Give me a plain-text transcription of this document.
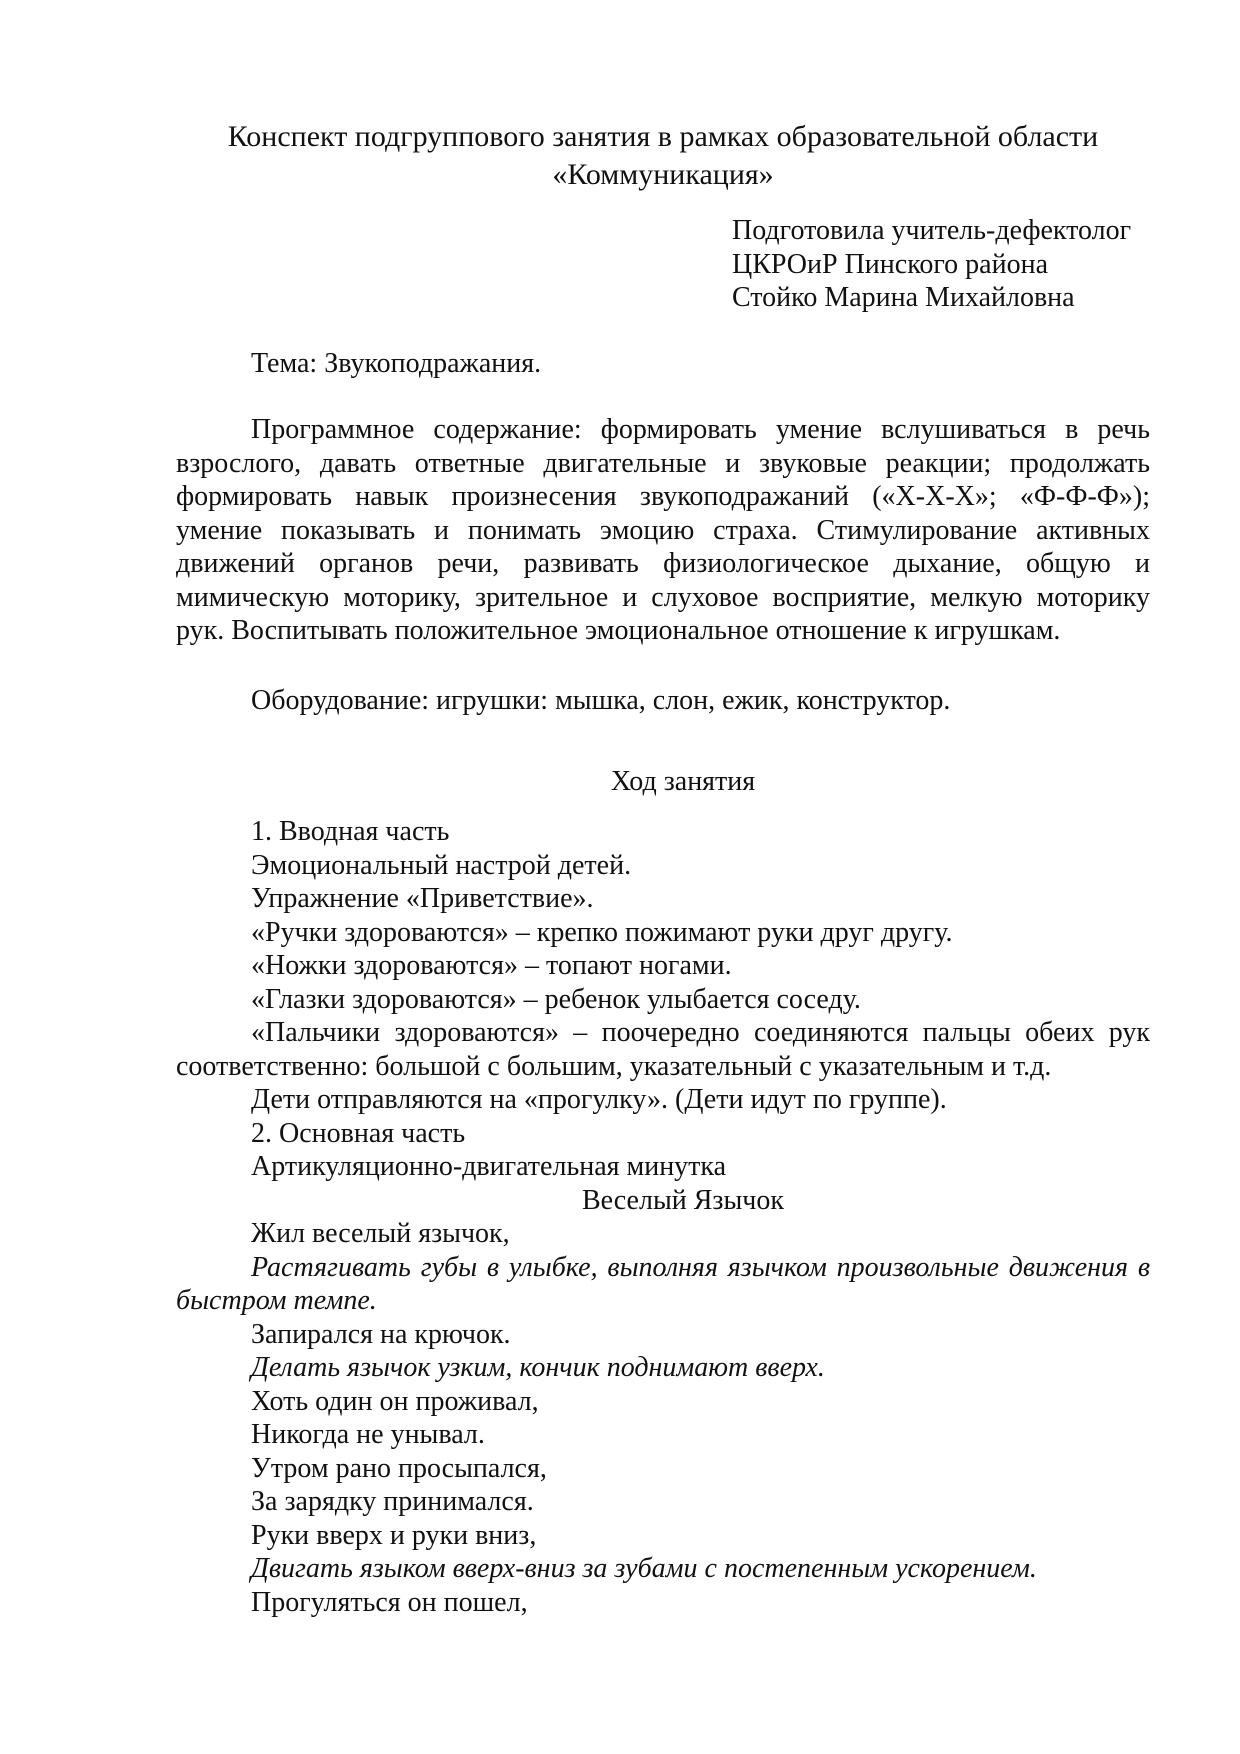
Конспект подгруппового занятия в рамках образовательной области
«Коммуникация»
Подготовила учитель-дефектолог
ЦКРОиР Пинского района
Стойко Марина Михайловна
Тема: Звукоподражания.
Программное содержание: формировать умение вслушиваться в речь взрослого, давать ответные двигательные и звуковые реакции; продолжать формировать навык произнесения звукоподражаний («Х-Х-Х»; «Ф-Ф-Ф»); умение показывать и понимать эмоцию страха. Стимулирование активных движений органов речи, развивать физиологическое дыхание, общую и мимическую моторику, зрительное и слуховое восприятие, мелкую моторику рук. Воспитывать положительное эмоциональное отношение к игрушкам.
Оборудование: игрушки: мышка, слон, ежик, конструктор.
Ход занятия
1. Вводная часть
Эмоциональный настрой детей.
Упражнение «Приветствие».
«Ручки здороваются» – крепко пожимают руки друг другу.
«Ножки здороваются» – топают ногами.
«Глазки здороваются» – ребенок улыбается соседу.
«Пальчики здороваются» – поочередно соединяются пальцы обеих рук соответственно: большой с большим, указательный с указательным и т.д.
Дети отправляются на «прогулку». (Дети идут по группе).
2. Основная часть
Артикуляционно-двигательная минутка
Веселый Язычок
Жил веселый язычок,
Растягивать губы в улыбке, выполняя язычком произвольные движения в быстром темпе.
Запирался на крючок.
Делать язычок узким, кончик поднимают вверх.
Хоть один он проживал,
Никогда не унывал.
Утром рано просыпался,
За зарядку принимался.
Руки вверх и руки вниз,
Двигать языком вверх-вниз за зубами с постепенным ускорением.
Прогуляться он пошел,
